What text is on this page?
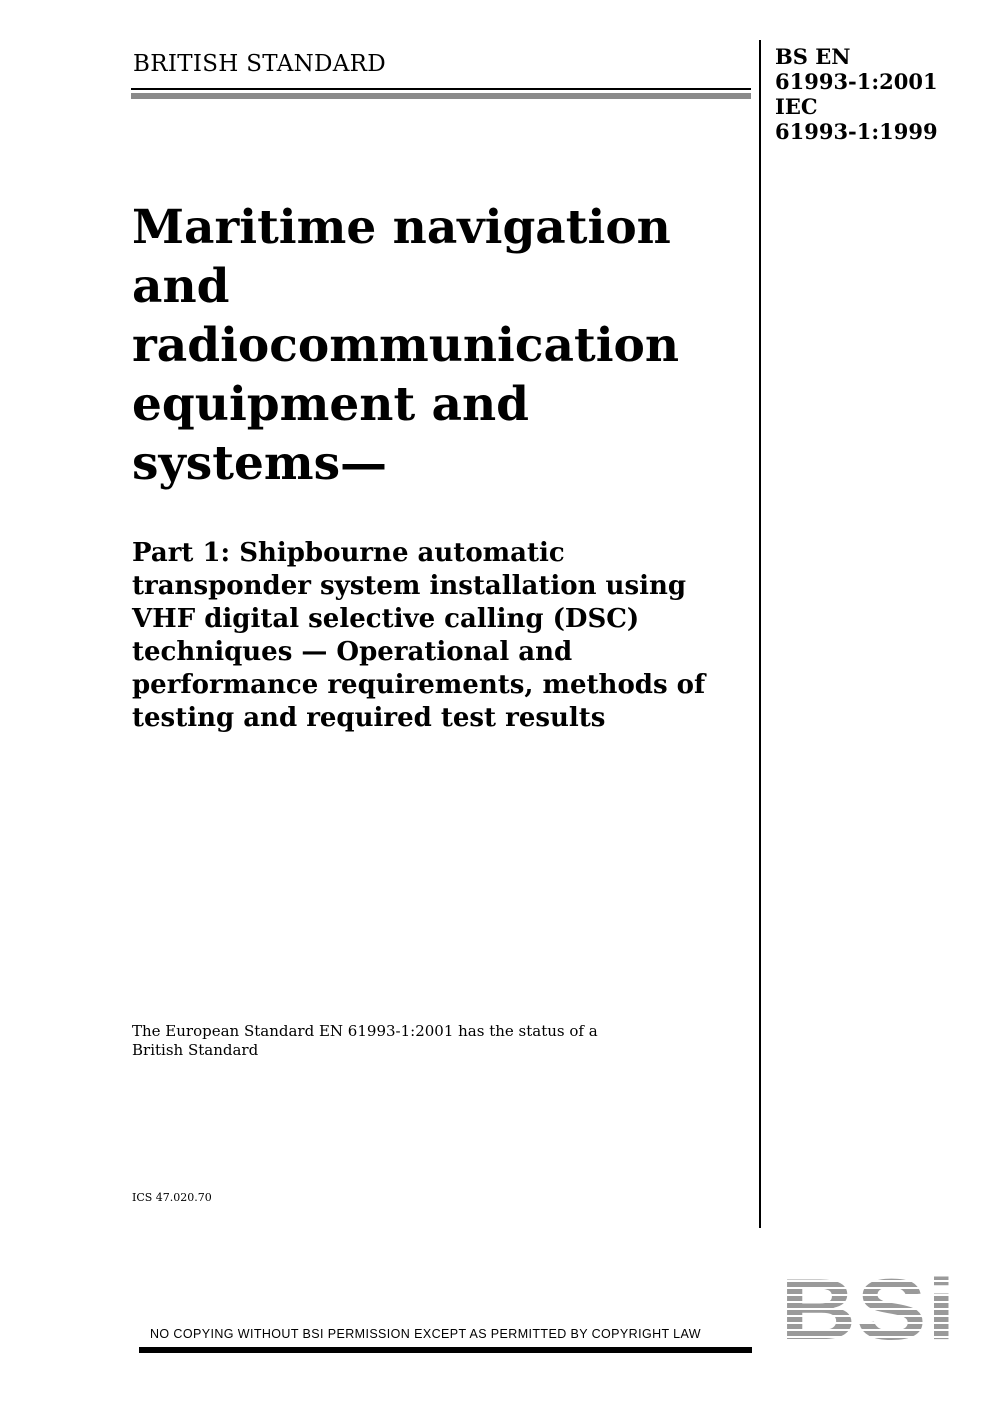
BRITISH STANDARD	BS EN
61993-1:2001
IEC
61993-1:1999
Maritime navigation
and
radiocommunication
equipment and
systems—
Part 1: Shipbourne automatic
transponder system installation using
VHF digital selective calling (DSC)
techniques — Operational and
performance requirements, methods of
testing and required test results
The European Standard EN 61993-1:2001 has the status of a
British Standard
ICS 47.020.70
BSi
NO COPYING WITHOUT BSI PERMISSION EXCEPT AS PERMITTED BY COPYRIGHT LAW
